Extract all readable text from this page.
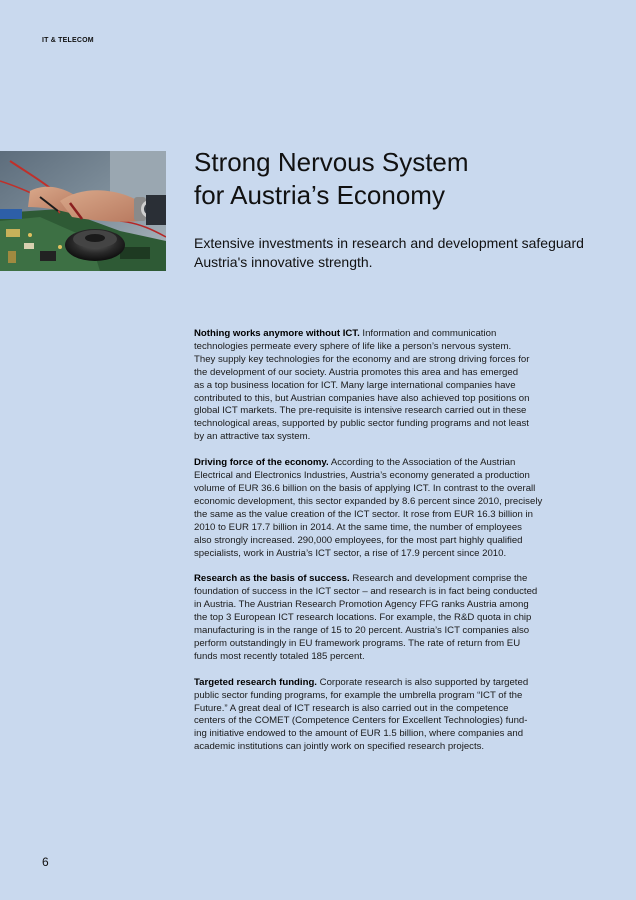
IT & TELECOM
Strong Nervous System
for Austria’s Economy

Extensive investments in research and development safeguard
Austria's innovative strength.

Nothing works anymore without ICT. Information and communication
technologies permeate every sphere of life like a person’s nervous system.
They supply key technologies for the economy and are strong driving forces for
the development of our society. Austria promotes this area and has emerged
as a top business location for ICT. Many large international companies have
contributed to this, but Austrian companies have also achieved top positions on
global ICT markets. The pre-requisite is intensive research carried out in these
technological areas, supported by public sector funding programs and not least
by an attractive tax system.

Driving force of the economy. According to the Association of the Austrian
Electrical and Electronics Industries, Austria’s economy generated a production
volume of EUR 36.6 billion on the basis of applying ICT. In contrast to the overall
economic development, this sector expanded by 8.6 percent since 2010, precisely
the same as the value creation of the ICT sector. It rose from EUR 16.3 billion in
2010 to EUR 17.7 billion in 2014. At the same time, the number of employees
also strongly increased. 290,000 employees, for the most part highly qualified
specialists, work in Austria’s ICT sector, a rise of 17.9 percent since 2010.

Research as the basis of success. Research and development comprise the
foundation of success in the ICT sector – and research is in fact being conducted
in Austria. The Austrian Research Promotion Agency FFG ranks Austria among
the top 3 European ICT research locations. For example, the R&D quota in chip
manufacturing is in the range of 15 to 20 percent. Austria’s ICT companies also
perform outstandingly in EU framework programs. The rate of return from EU
funds most recently totaled 185 percent.

Targeted research funding. Corporate research is also supported by targeted
public sector funding programs, for example the umbrella program “ICT of the
Future.” A great deal of ICT research is also carried out in the competence
centers of the COMET (Competence Centers for Excellent Technologies) fund-
ing initiative endowed to the amount of EUR 1.5 billion, where companies and
academic institutions can jointly work on specified research projects.

6
